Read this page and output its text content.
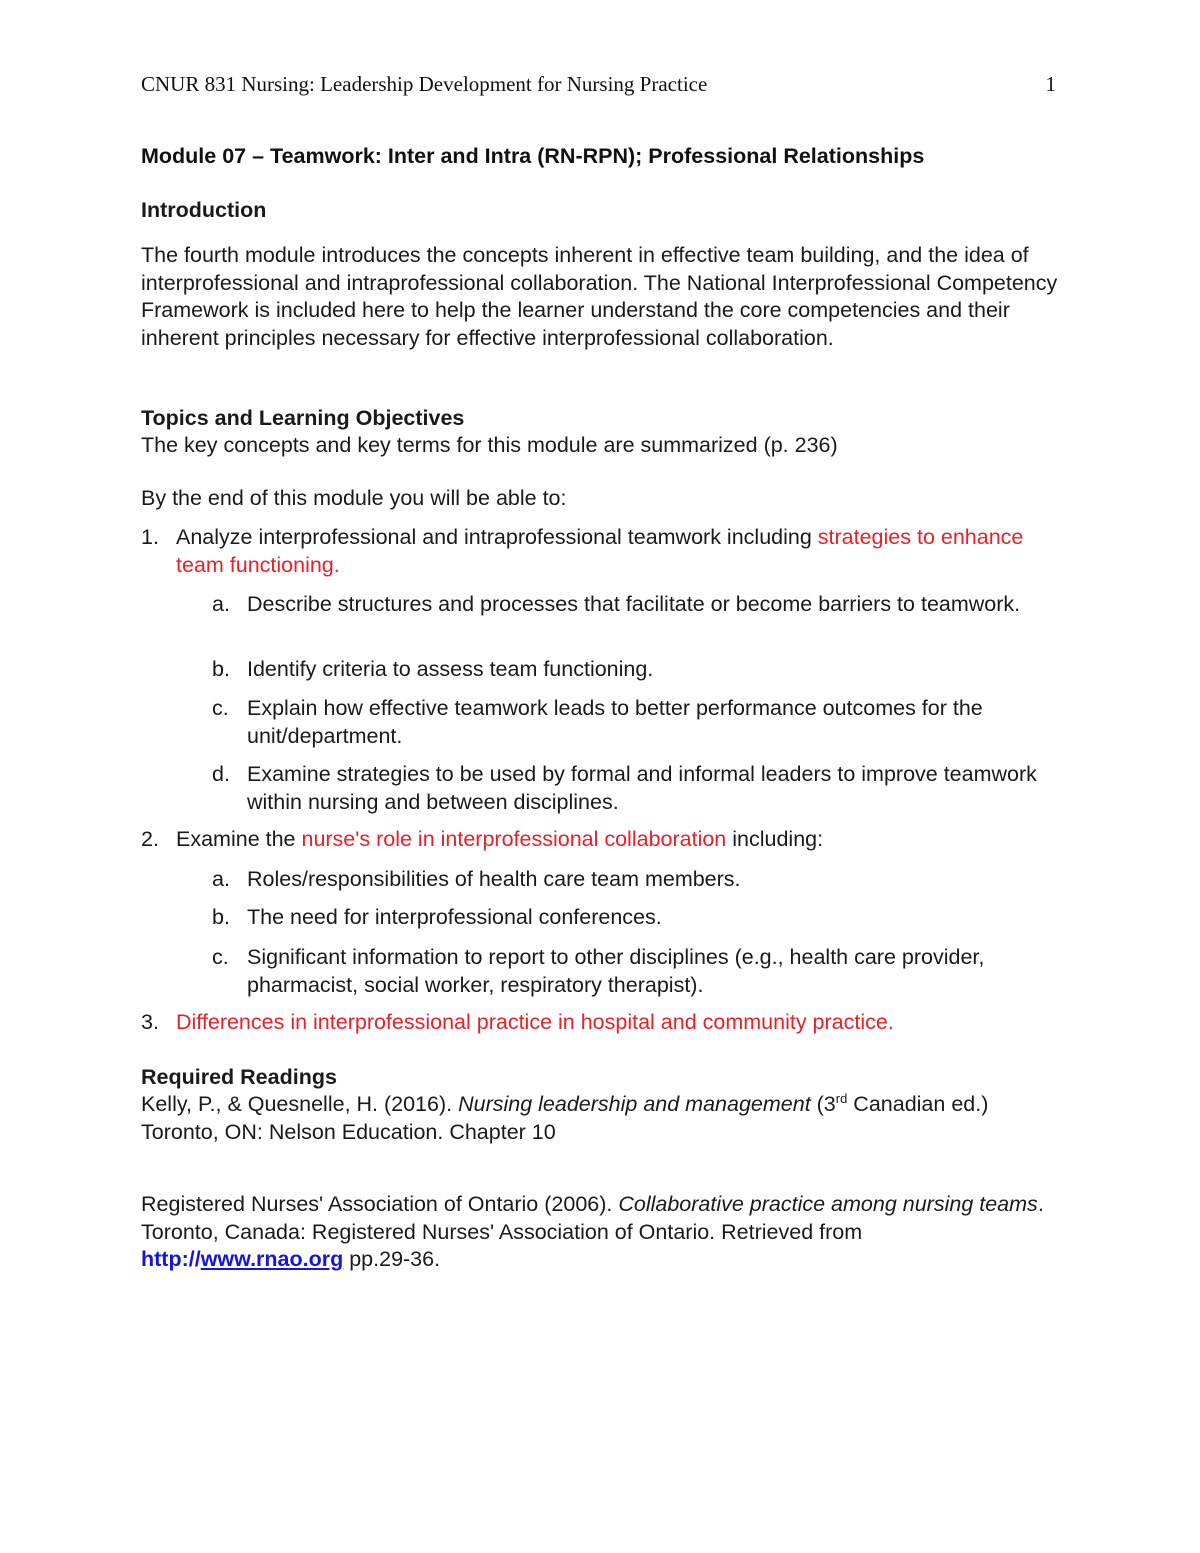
CNUR 831 Nursing: Leadership Development for Nursing Practice	1
Module 07 – Teamwork: Inter and Intra (RN-RPN); Professional Relationships
Introduction
The fourth module introduces the concepts inherent in effective team building, and the idea of interprofessional and intraprofessional collaboration. The National Interprofessional Competency Framework is included here to help the learner understand the core competencies and their inherent principles necessary for effective interprofessional collaboration.
Topics and Learning Objectives
The key concepts and key terms for this module are summarized (p. 236)
By the end of this module you will be able to:
1. Analyze interprofessional and intraprofessional teamwork including strategies to enhance team functioning.
a. Describe structures and processes that facilitate or become barriers to teamwork.
b. Identify criteria to assess team functioning.
c. Explain how effective teamwork leads to better performance outcomes for the unit/department.
d. Examine strategies to be used by formal and informal leaders to improve teamwork within nursing and between disciplines.
2. Examine the nurse's role in interprofessional collaboration including:
a. Roles/responsibilities of health care team members.
b. The need for interprofessional conferences.
c. Significant information to report to other disciplines (e.g., health care provider, pharmacist, social worker, respiratory therapist).
3. Differences in interprofessional practice in hospital and community practice.
Required Readings
Kelly, P., & Quesnelle, H. (2016). Nursing leadership and management (3rd Canadian ed.) Toronto, ON: Nelson Education. Chapter 10
Registered Nurses' Association of Ontario (2006). Collaborative practice among nursing teams. Toronto, Canada: Registered Nurses' Association of Ontario. Retrieved from http://www.rnao.org pp.29-36.
